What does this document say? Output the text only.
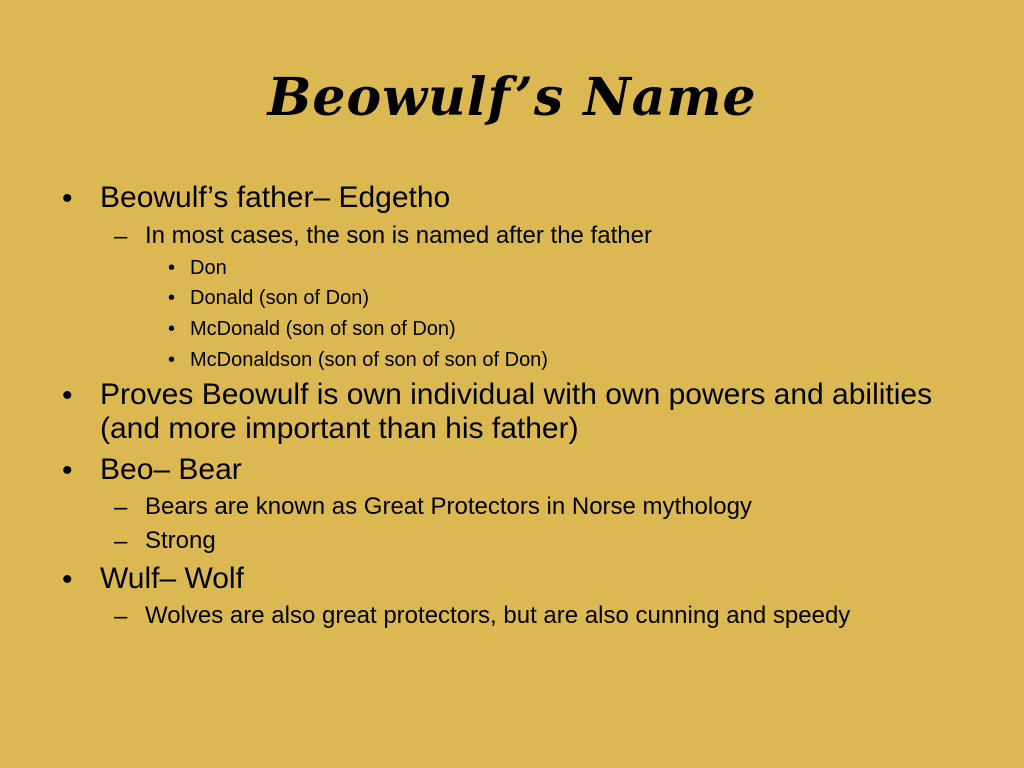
Beowulf’s Name
• Beowulf’s father– Edgetho
– In most cases, the son is named after the father
• Don
• Donald (son of Don)
• McDonald (son of son of Don)
• McDonaldson (son of son of son of Don)
• Proves Beowulf is own individual with own powers and abilities (and more important than his father)
• Beo– Bear
– Bears are known as Great Protectors in Norse mythology
– Strong
• Wulf– Wolf
– Wolves are also great protectors, but are also cunning and speedy
